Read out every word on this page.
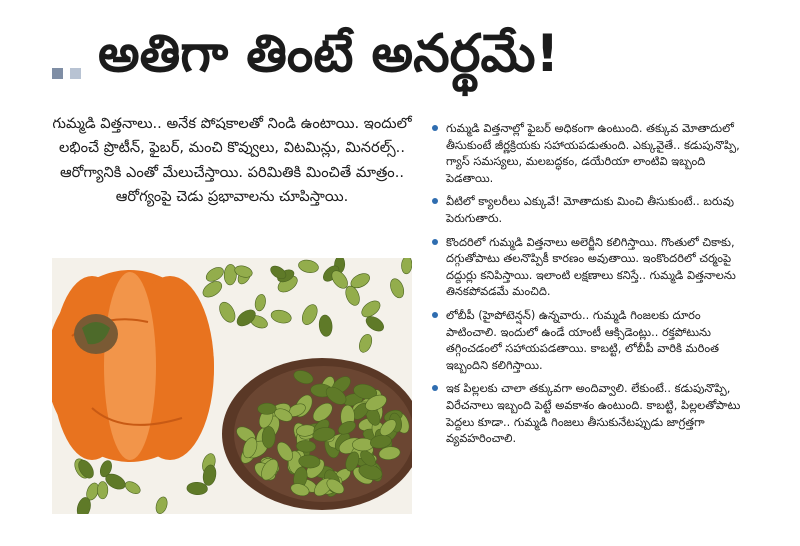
అతిగా తింటే అనర్థమే!
గుమ్మడి విత్తనాలు.. అనేక పోషకాలతో నిండి ఉంటాయి. ఇందులో లభించే ప్రొటీన్, ఫైబర్, మంచి కొవ్వులు, విటమిన్లు, మినరల్స్.. ఆరోగ్యానికి ఎంతో మేలుచేస్తాయి. పరిమితికి మించితే మాత్రం.. ఆరోగ్యంపై చెడు ప్రభావాలను చూపిస్తాయి.
గుమ్మడి విత్తనాల్లో ఫైబర్ అధికంగా ఉంటుంది. తక్కువ మోతాదులో తీసుకుంటే జీర్ణక్రియకు సహాయపడుతుంది. ఎక్కువైతే.. కడుపునొప్పి, గ్యాస్ సమస్యలు, మలబద్ధకం, డయేరియా లాంటివి ఇబ్బంది పెడతాయి.
వీటిలో క్యాలరీలు ఎక్కువే! మోతాదుకు మించి తీసుకుంటే.. బరువు పెరుగుతారు.
కొందరిలో గుమ్మడి విత్తనాలు అలెర్జీని కలిగిస్తాయి. గొంతులో చికాకు, దగ్గుతోపాటు తలనొప్పికీ కారణం అవుతాయి. ఇంకొందరిలో చర్మంపై దద్దుర్లు కనిపిస్తాయి. ఇలాంటి లక్షణాలు కనిస్తే.. గుమ్మడి విత్తనాలను తినకపోవడమే మంచిది.
లోబీపీ (హైపోటెన్షన్) ఉన్నవారు.. గుమ్మడి గింజలకు దూరం పాటించాలి. ఇందులో ఉండే యాంటీ ఆక్సిడెంట్లు.. రక్తపోటును తగ్గించడంలో సహాయపడతాయి. కాబట్టి, లోబీపీ వారికి మరింత ఇబ్బందిని కలిగిస్తాయి.
ఇక పిల్లలకు చాలా తక్కువగా అందివ్వాలి. లేకుంటే.. కడుపునొప్పి, విరేచనాలు ఇబ్బంది పెట్టే అవకాశం ఉంటుంది. కాబట్టి, పిల్లలతోపాటు పెద్దలు కూడా.. గుమ్మడి గింజలు తీసుకునేటప్పుడు జాగ్రత్తగా వ్యవహరించాలి.
